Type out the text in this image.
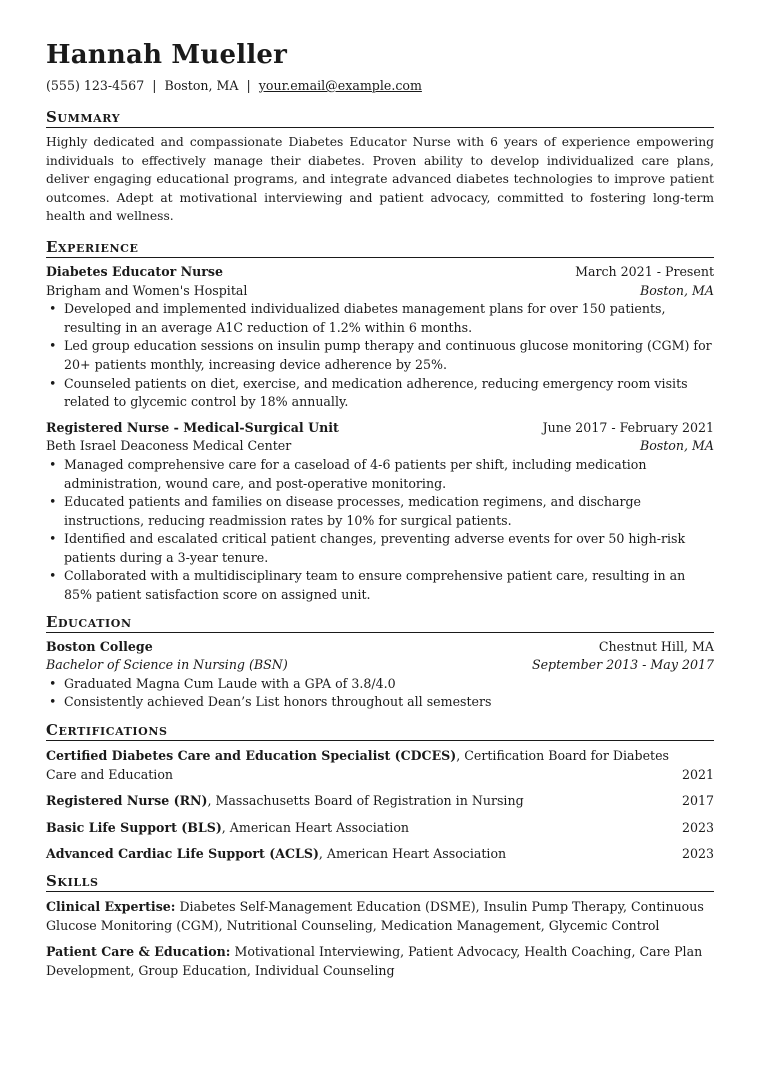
Hannah Mueller
(555) 123-4567 | Boston, MA | your.email@example.com
Summary

Highly dedicated and compassionate Diabetes Educator Nurse with 6 years of experience empowering individuals to effectively manage their diabetes. Proven ability to develop individualized care plans, deliver engaging educational programs, and integrate advanced diabetes technologies to improve patient outcomes. Adept at motivational interviewing and patient advocacy, committed to fostering long-term health and wellness.

Experience
Diabetes Educator Nurse	March 2021 - Present
Brigham and Women's Hospital	Boston, MA
• Developed and implemented individualized diabetes management plans for over 150 patients, resulting in an average A1C reduction of 1.2% within 6 months.
• Led group education sessions on insulin pump therapy and continuous glucose monitoring (CGM) for 20+ patients monthly, increasing device adherence by 25%.
• Counseled patients on diet, exercise, and medication adherence, reducing emergency room visits related to glycemic control by 18% annually.
Registered Nurse - Medical-Surgical Unit	June 2017 - February 2021
Beth Israel Deaconess Medical Center	Boston, MA
• Managed comprehensive care for a caseload of 4-6 patients per shift, including medication administration, wound care, and post-operative monitoring.
• Educated patients and families on disease processes, medication regimens, and discharge instructions, reducing readmission rates by 10% for surgical patients.
• Identified and escalated critical patient changes, preventing adverse events for over 50 high-risk patients during a 3-year tenure.
• Collaborated with a multidisciplinary team to ensure comprehensive patient care, resulting in an 85% patient satisfaction score on assigned unit.
Education
Boston College	Chestnut Hill, MA
Bachelor of Science in Nursing (BSN)	September 2013 - May 2017
• Graduated Magna Cum Laude with a GPA of 3.8/4.0
• Consistently achieved Dean’s List honors throughout all semesters
Certifications
Certified Diabetes Care and Education Specialist (CDCES), Certification Board for Diabetes Care and Education	2021
Registered Nurse (RN), Massachusetts Board of Registration in Nursing	2017
Basic Life Support (BLS), American Heart Association	2023
Advanced Cardiac Life Support (ACLS), American Heart Association	2023
Skills
Clinical Expertise: Diabetes Self-Management Education (DSME), Insulin Pump Therapy, Continuous Glucose Monitoring (CGM), Nutritional Counseling, Medication Management, Glycemic Control
Patient Care & Education: Motivational Interviewing, Patient Advocacy, Health Coaching, Care Plan Development, Group Education, Individual Counseling
